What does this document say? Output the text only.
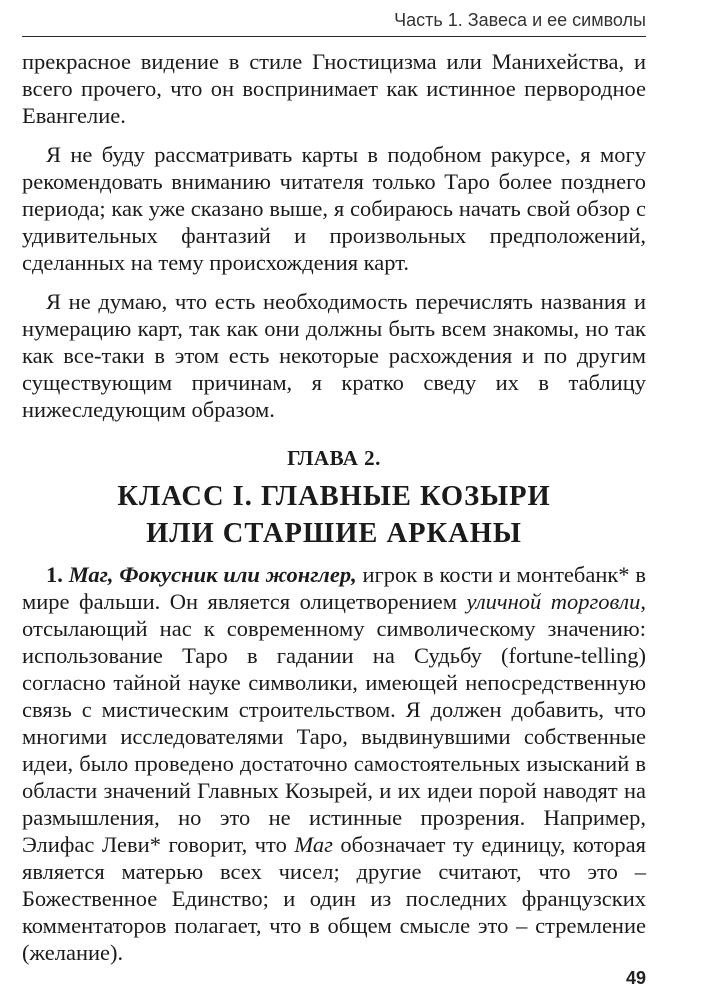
Часть 1. Завеса и ее символы

прекрасное видение в стиле Гностицизма или Манихейства, и всего прочего, что он воспринимает как истинное первородное Евангелие.

Я не буду рассматривать карты в подобном ракурсе, я могу рекомендовать вниманию читателя только Таро более позднего периода; как уже сказано выше, я собираюсь начать свой обзор с удивительных фантазий и произвольных предположений, сделанных на тему происхождения карт.

Я не думаю, что есть необходимость перечислять названия и нумерацию карт, так как они должны быть всем знакомы, но так как все-таки в этом есть некоторые расхождения и по другим существующим причинам, я кратко сведу их в таблицу нижеследующим образом.

ГЛАВА 2.
КЛАСС I. ГЛАВНЫЕ КОЗЫРИ
ИЛИ СТАРШИЕ АРКАНЫ

1. Маг, Фокусник или жонглер, игрок в кости и монтебанк* в мире фальши. Он является олицетворением уличной торговли, отсылающий нас к современному символическому значению: использование Таро в гадании на Судьбу (fortune-telling) согласно тайной науке символики, имеющей непосредственную связь с мистическим строительством. Я должен добавить, что многими исследователями Таро, выдвинувшими собственные идеи, было проведено достаточно самостоятельных изысканий в области значений Главных Козырей, и их идеи порой наводят на размышления, но это не истинные прозрения. Например, Элифас Леви* говорит, что Маг обозначает ту единицу, которая является матерью всех чисел; другие считают, что это – Божественное Единство; и один из последних французских комментаторов полагает, что в общем смысле это – стремление (желание).

49
